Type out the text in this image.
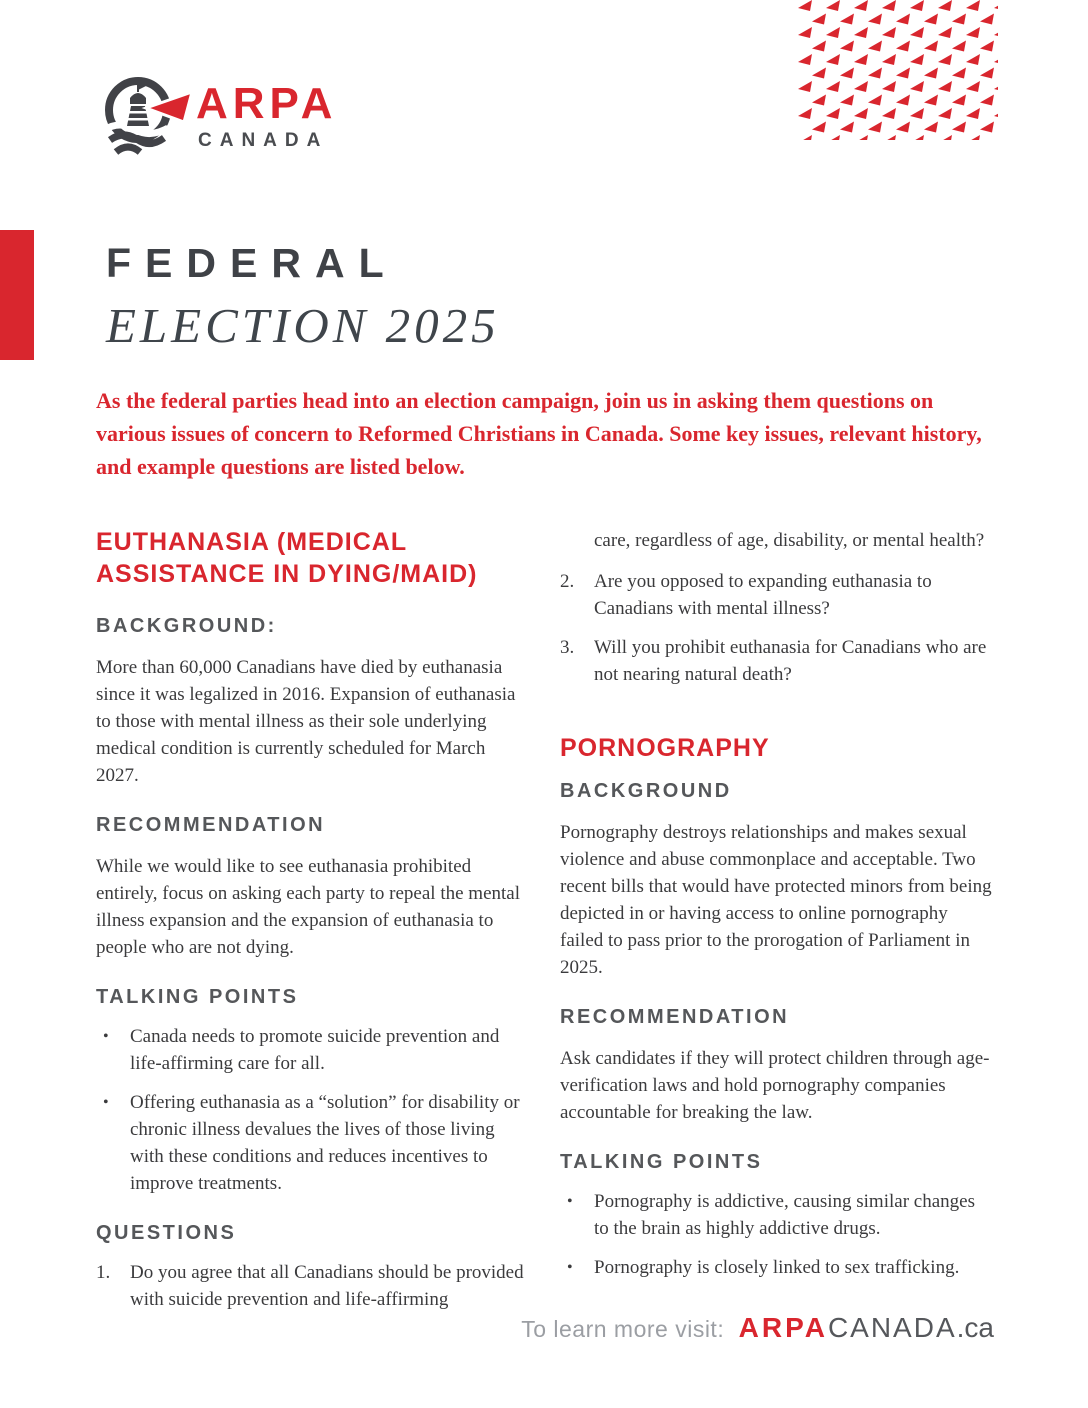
ARPA
CANADA
FEDERAL
ELECTION 2025
As the federal parties head into an election campaign, join us in asking them questions on various issues of concern to Reformed Christians in Canada. Some key issues, relevant history, and example questions are listed below.
EUTHANASIA (MEDICAL
ASSISTANCE IN DYING/MAID)
BACKGROUND:

More than 60,000 Canadians have died by euthanasia since it was legalized in 2016. Expansion of euthanasia to those with mental illness as their sole underlying medical condition is currently scheduled for March 2027.

RECOMMENDATION

While we would like to see euthanasia prohibited entirely, focus on asking each party to repeal the mental illness expansion and the expansion of euthanasia to people who are not dying.

TALKING POINTS
•	Canada needs to promote suicide prevention and life-affirming care for all.
•	Offering euthanasia as a “solution” for disability or chronic illness devalues the lives of those living with these conditions and reduces incentives to improve treatments.
QUESTIONS
1.	Do you agree that all Canadians should be provided with suicide prevention and life-affirming

care, regardless of age, disability, or mental health?

2.	Are you opposed to expanding euthanasia to Canadians with mental illness?
3.	Will you prohibit euthanasia for Canadians who are not nearing natural death?
PORNOGRAPHY
BACKGROUND

Pornography destroys relationships and makes sexual violence and abuse commonplace and acceptable. Two recent bills that would have protected minors from being depicted in or having access to online pornography failed to pass prior to the prorogation of Parliament in 2025.

RECOMMENDATION

Ask candidates if they will protect children through age-verification laws and hold pornography companies accountable for breaking the law.

TALKING POINTS
•	Pornography is addictive, causing similar changes to the brain as highly addictive drugs.
•	Pornography is closely linked to sex trafficking.
To learn more visit: ARPACANADA.ca
